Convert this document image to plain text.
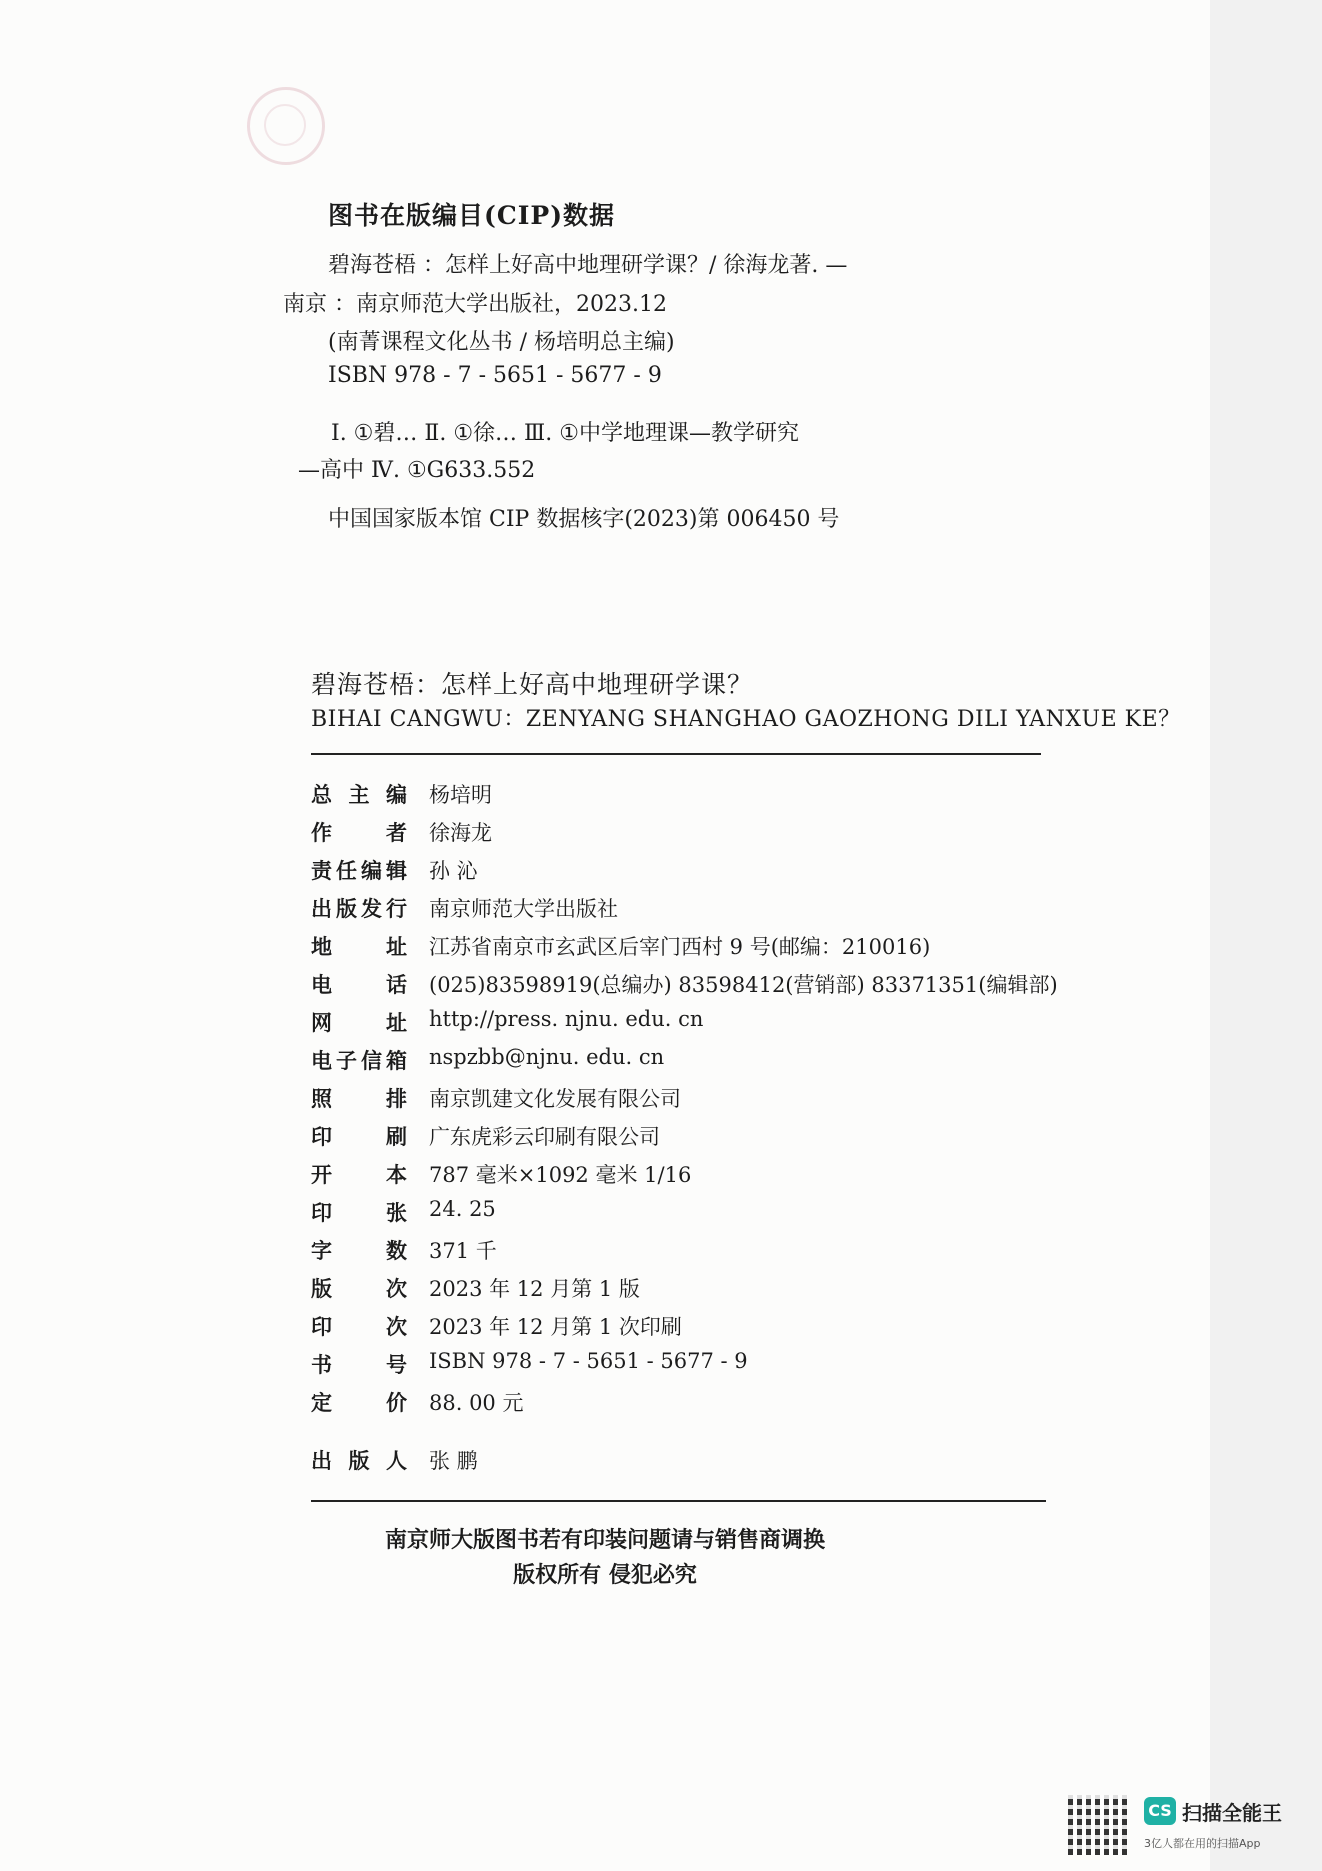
图书在版编目(CIP)数据
碧海苍梧 ：怎样上好高中地理研学课？/ 徐海龙著. —
南京 ：南京师范大学出版社，2023.12
(南菁课程文化丛书 / 杨培明总主编)
ISBN 978 - 7 - 5651 - 5677 - 9
Ⅰ. ①碧… Ⅱ. ①徐… Ⅲ. ①中学地理课—教学研究
—高中 Ⅳ. ①G633.552
中国国家版本馆 CIP 数据核字(2023)第 006450 号
碧海苍梧：怎样上好高中地理研学课？
BIHAI CANGWU：ZENYANG SHANGHAO GAOZHONG DILI YANXUE KE？
总主编 杨培明
作者 徐海龙
责任编辑 孙 沁
出版发行 南京师范大学出版社
地址 江苏省南京市玄武区后宰门西村 9 号(邮编：210016)
电话 (025)83598919(总编办) 83598412(营销部) 83371351(编辑部)
网址 http://press. njnu. edu. cn
电子信箱 nspzbb@njnu. edu. cn
照排 南京凯建文化发展有限公司
印刷 广东虎彩云印刷有限公司
开本 787 毫米×1092 毫米 1/16
印张 24. 25
字数 371 千
版次 2023 年 12 月第 1 版
印次 2023 年 12 月第 1 次印刷
书号 ISBN 978 - 7 - 5651 - 5677 - 9
定价 88. 00 元
出版人 张 鹏
南京师大版图书若有印装问题请与销售商调换
版权所有 侵犯必究
CS 扫描全能王
3亿人都在用的扫描App
